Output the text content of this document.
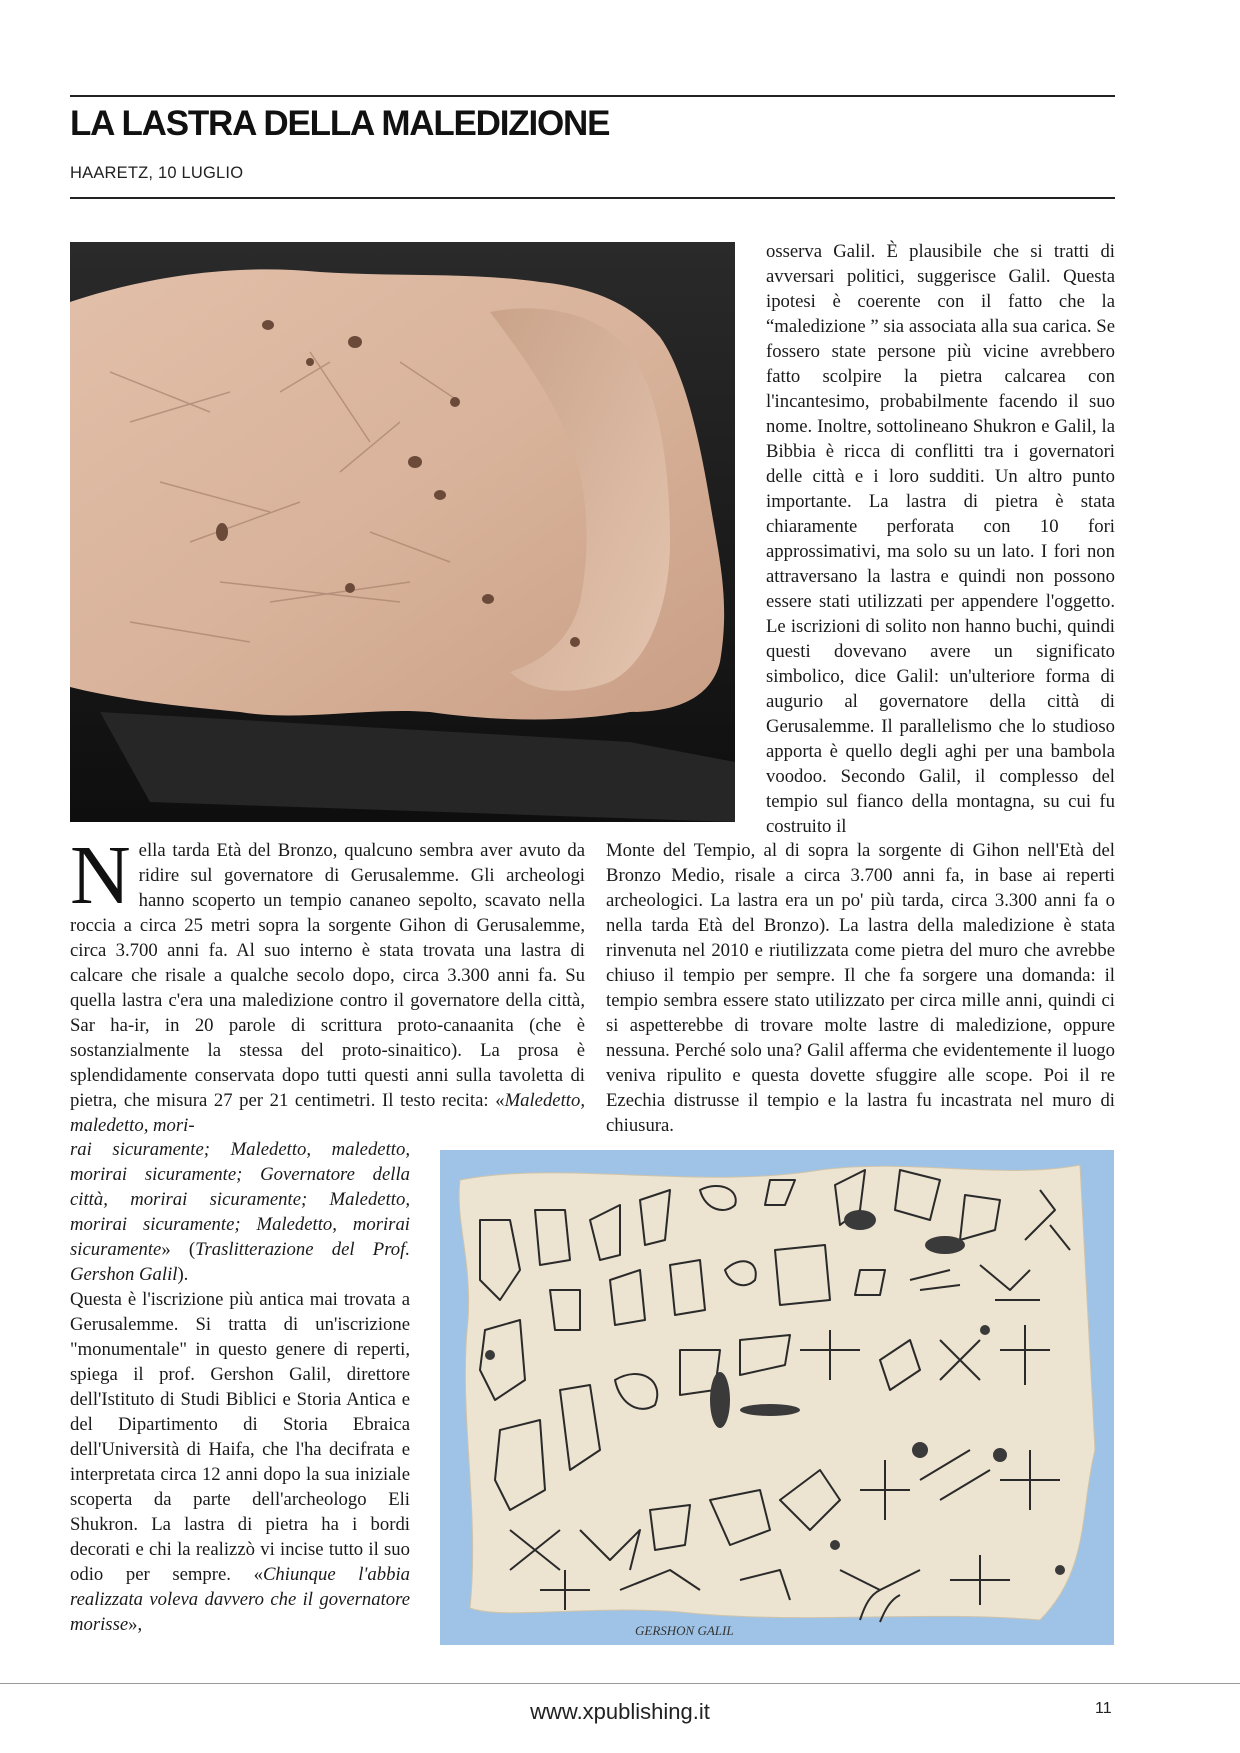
LA LASTRA DELLA MALEDIZIONE
HAARETZ, 10 LUGLIO

osserva Galil. È plausibile che si tratti di avversari politici, suggerisce Galil. Questa ipotesi è coerente con il fatto che la “maledizione ” sia associata alla sua carica. Se fossero state persone più vicine avrebbero fatto scolpire la pietra calcarea con l'incantesimo, probabilmente facendo il suo nome. Inoltre, sottolineano Shukron e Galil, la Bibbia è ricca di conflitti tra i governatori delle città e i loro sudditi. Un altro punto importante. La lastra di pietra è stata chiaramente perforata con 10 fori approssimativi, ma solo su un lato. I fori non attraversano la lastra e quindi non possono essere stati utilizzati per appendere l'oggetto. Le iscrizioni di solito non hanno buchi, quindi questi dovevano avere un significato simbolico, dice Galil: un'ulteriore forma di augurio al governatore della città di Gerusalemme. Il parallelismo che lo studioso apporta è quello degli aghi per una bambola voodoo. Secondo Galil, il complesso del tempio sul fianco della montagna, su cui fu costruito il

N ella tarda Età del Bronzo, qualcuno sembra aver avuto da ridire sul governatore di Gerusalemme. Gli archeologi hanno scoperto un tempio cananeo sepolto, scavato nella roccia a circa 25 metri sopra la sorgente Gihon di Gerusalemme, circa 3.700 anni fa. Al suo interno è stata trovata una lastra di calcare che risale a qualche secolo dopo, circa 3.300 anni fa. Su quella lastra c'era una maledizione contro il governatore della città, Sar ha-ir, in 20 parole di scrittura proto-canaanita (che è sostanzialmente la stessa del proto-sinaitico). La prosa è splendidamente conservata dopo tutti questi anni sulla tavoletta di pietra, che misura 27 per 21 centimetri. Il testo recita: «Maledetto, maledetto, mori-

rai sicuramente; Maledetto, maledetto, morirai sicuramente; Governatore della città, morirai sicuramente; Maledetto, morirai sicuramente; Maledetto, morirai sicuramente» (Traslitterazione del Prof. Gershon Galil).

Questa è l'iscrizione più antica mai trovata a Gerusalemme. Si tratta di un'iscrizione "monumentale" in questo genere di reperti, spiega il prof. Gershon Galil, direttore dell'Istituto di Studi Biblici e Storia Antica e del Dipartimento di Storia Ebraica dell'Università di Haifa, che l'ha decifrata e interpretata circa 12 anni dopo la sua iniziale scoperta da parte dell'archeologo Eli Shukron. La lastra di pietra ha i bordi decorati e chi la realizzò vi incise tutto il suo odio per sempre. «Chiunque l'abbia realizzata voleva davvero che il governatore morisse»,

Monte del Tempio, al di sopra la sorgente di Gihon nell'Età del Bronzo Medio, risale a circa 3.700 anni fa, in base ai reperti archeologici. La lastra era un po' più tarda, circa 3.300 anni fa o nella tarda Età del Bronzo). La lastra della maledizione è stata rinvenuta nel 2010 e riutilizzata come pietra del muro che avrebbe chiuso il tempio per sempre. Il che fa sorgere una domanda: il tempio sembra essere stato utilizzato per circa mille anni, quindi ci si aspetterebbe di trovare molte lastre di maledizione, oppure nessuna. Perché solo una? Galil afferma che evidentemente il luogo veniva ripulito e questa dovette sfuggire alle scope. Poi il re Ezechia distrusse il tempio e la lastra fu incastrata nel muro di chiusura.

GERSHON GALIL
www.xpublishing.it	11
